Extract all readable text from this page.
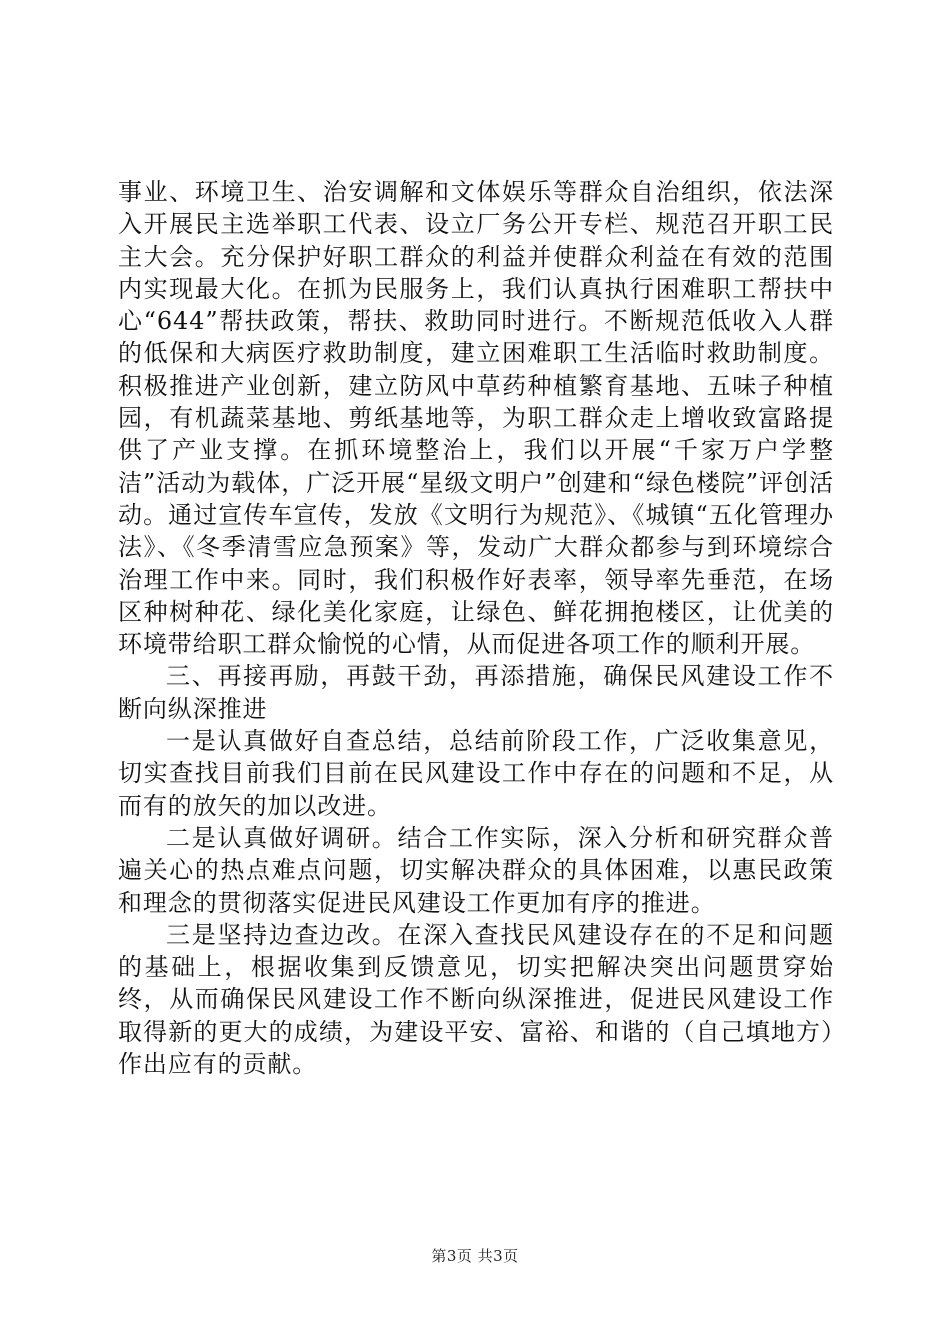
事业、环境卫生、治安调解和文体娱乐等群众自治组织，依法深入开展民主选举职工代表、设立厂务公开专栏、规范召开职工民主大会。充分保护好职工群众的利益并使群众利益在有效的范围内实现最大化。在抓为民服务上，我们认真执行困难职工帮扶中心“644”帮扶政策，帮扶、救助同时进行。不断规范低收入人群的低保和大病医疗救助制度，建立困难职工生活临时救助制度。积极推进产业创新，建立防风中草药种植繁育基地、五味子种植园，有机蔬菜基地、剪纸基地等，为职工群众走上增收致富路提供了产业支撑。在抓环境整治上，我们以开展“千家万户学整洁”活动为载体，广泛开展“星级文明户”创建和“绿色楼院”评创活动。通过宣传车宣传，发放《文明行为规范》、《城镇“五化管理办法》、《冬季清雪应急预案》等，发动广大群众都参与到环境综合治理工作中来。同时，我们积极作好表率，领导率先垂范，在场区种树种花、绿化美化家庭，让绿色、鲜花拥抱楼区，让优美的环境带给职工群众愉悦的心情，从而促进各项工作的顺利开展。

三、再接再励，再鼓干劲，再添措施，确保民风建设工作不断向纵深推进

一是认真做好自查总结，总结前阶段工作，广泛收集意见，切实查找目前我们目前在民风建设工作中存在的问题和不足，从而有的放矢的加以改进。

二是认真做好调研。结合工作实际，深入分析和研究群众普遍关心的热点难点问题，切实解决群众的具体困难，以惠民政策和理念的贯彻落实促进民风建设工作更加有序的推进。

三是坚持边查边改。在深入查找民风建设存在的不足和问题的基础上，根据收集到反馈意见，切实把解决突出问题贯穿始终，从而确保民风建设工作不断向纵深推进，促进民风建设工作取得新的更大的成绩，为建设平安、富裕、和谐的（自己填地方）作出应有的贡献。

第3页 共3页
